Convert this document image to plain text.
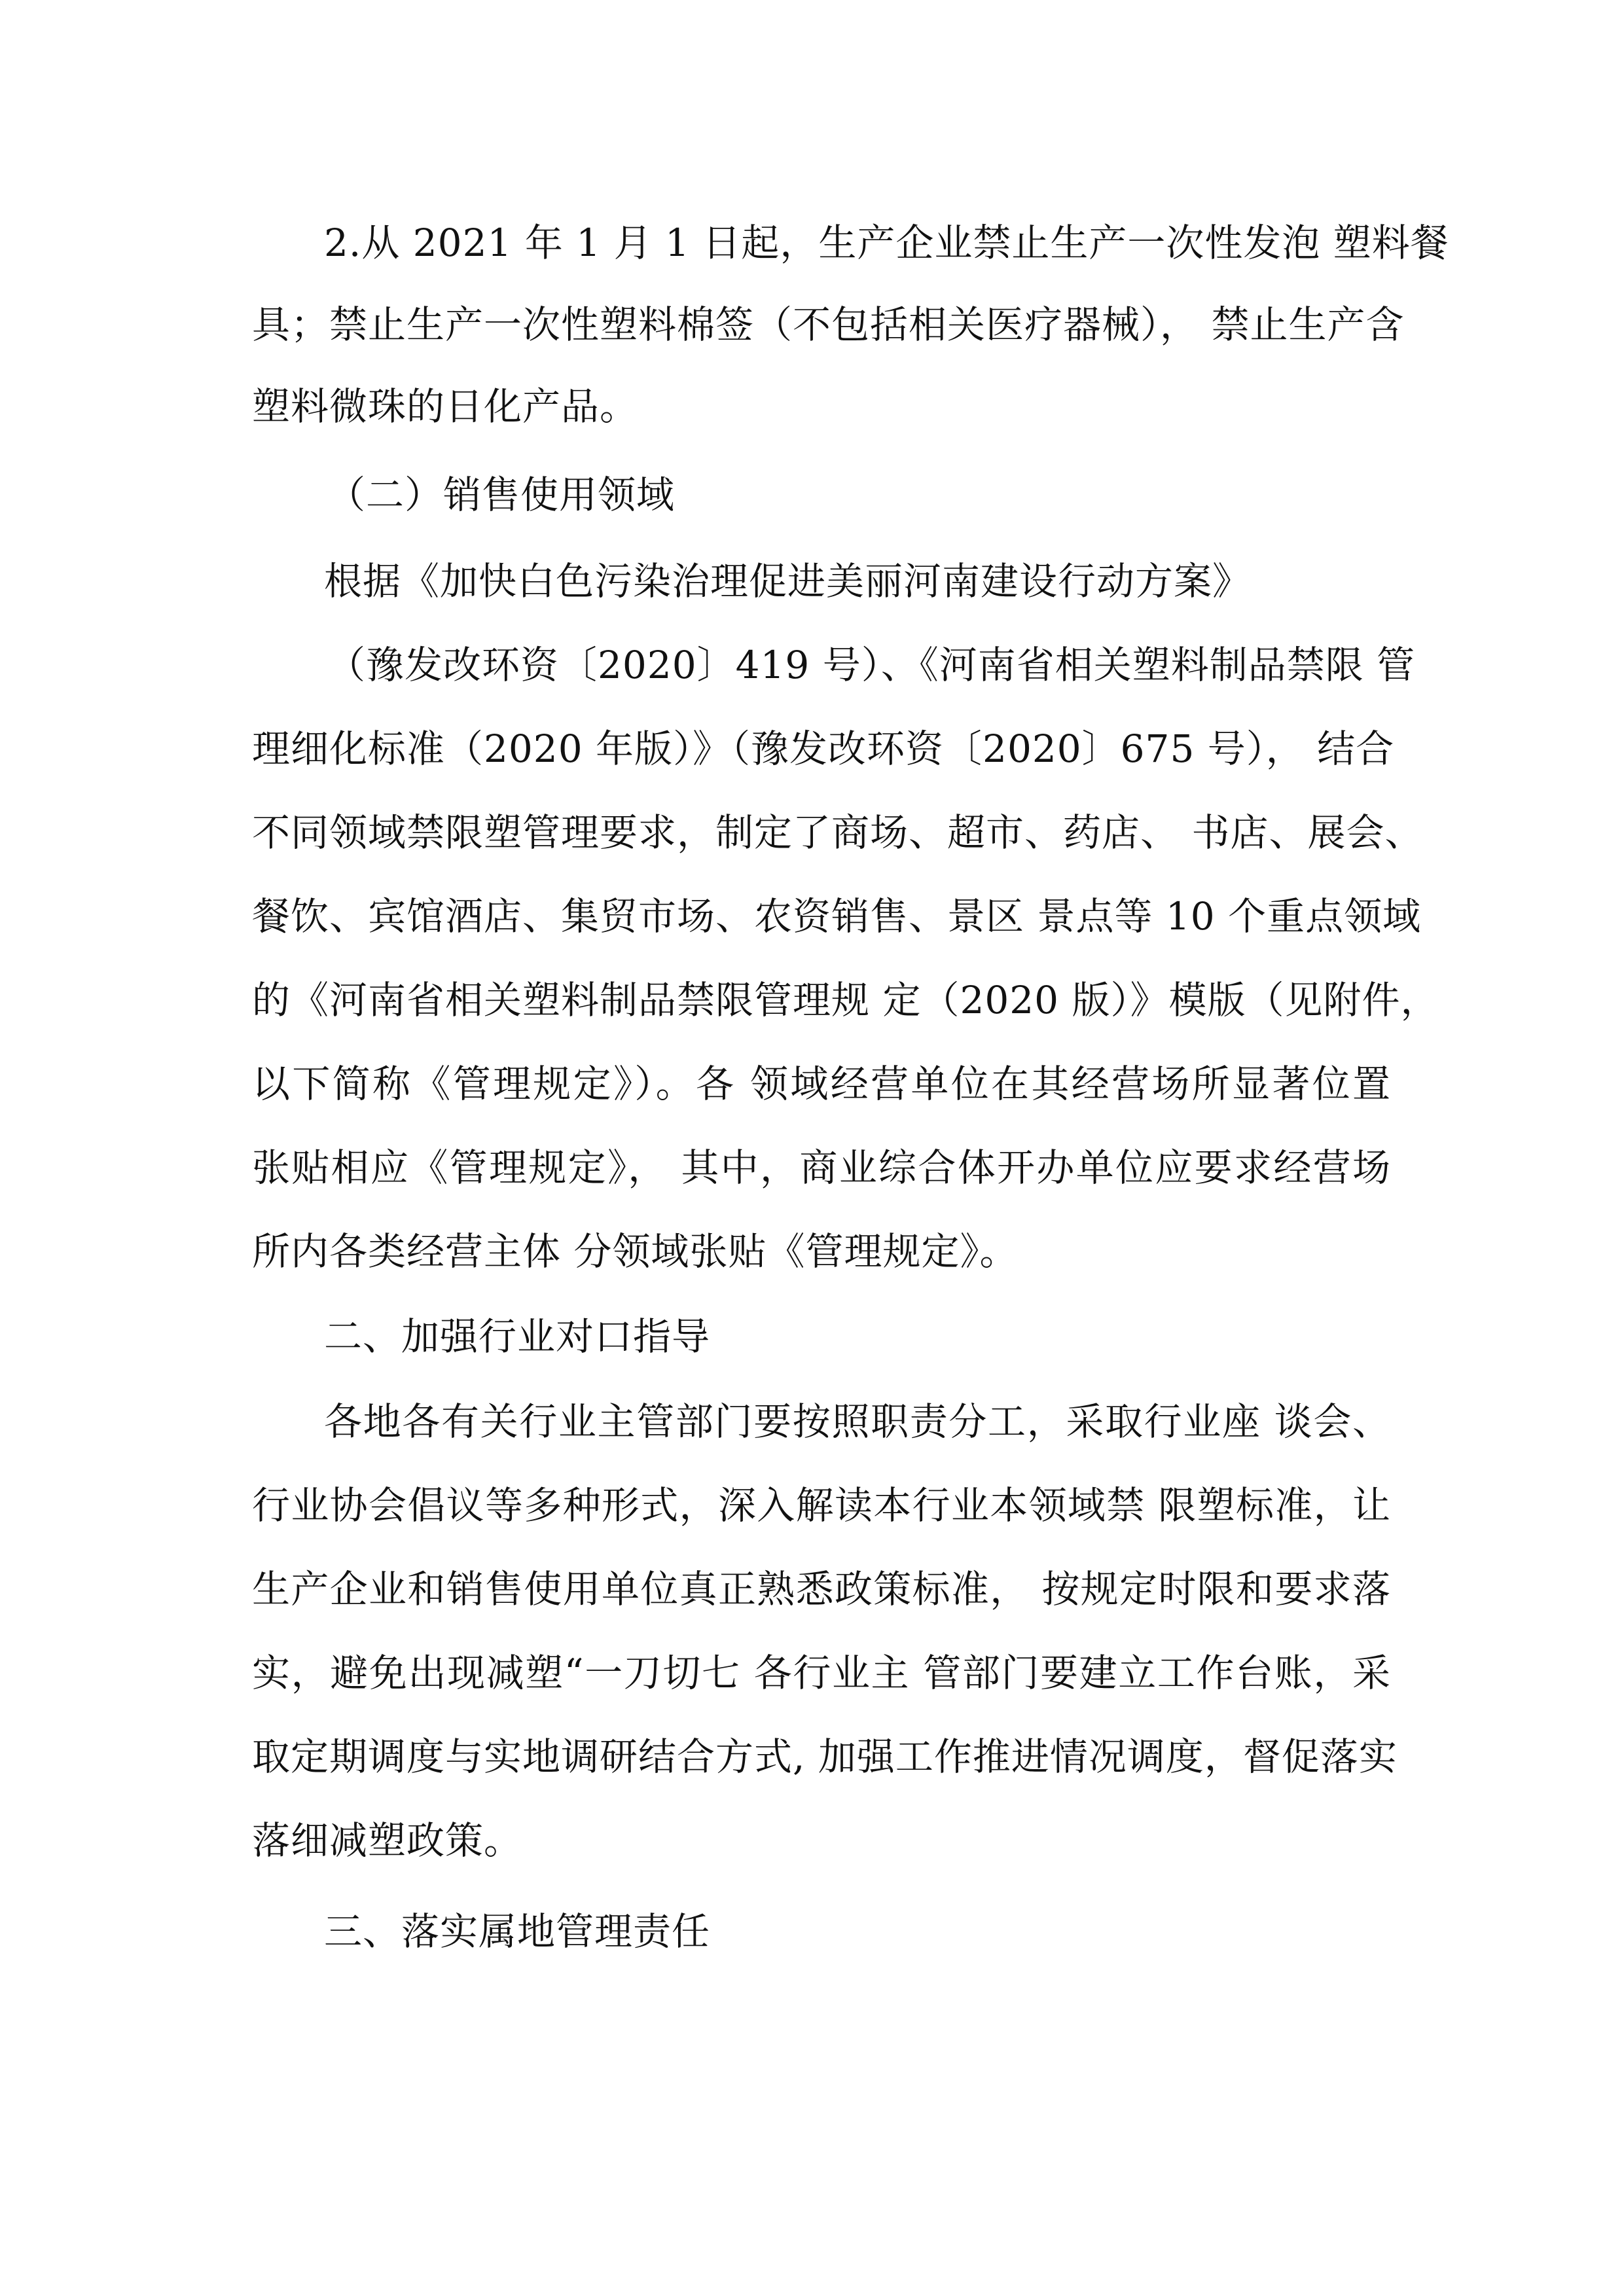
2.从 2021 年 1 月 1 日起，生产企业禁止生产一次性发泡 塑料餐
具；禁止生产一次性塑料棉签（不包括相关医疗器械）， 禁止生产含
塑料微珠的日化产品。
（二）销售使用领域
根据《加快白色污染治理促进美丽河南建设行动方案》
（豫发改环资〔2020〕419 号）、《河南省相关塑料制品禁限 管
理细化标准（2020 年版）》（豫发改环资〔2020〕675 号）， 结合
不同领域禁限塑管理要求，制定了商场、超市、药店、 书店、展会、
餐饮、宾馆酒店、集贸市场、农资销售、景区 景点等 10 个重点领域
的《河南省相关塑料制品禁限管理规 定（2020 版）》模版（见附件，
以下简称《管理规定》）。各 领域经营单位在其经营场所显著位置
张贴相应《管理规定》， 其中，商业综合体开办单位应要求经营场
所内各类经营主体 分领域张贴《管理规定》。
二、加强行业对口指导
各地各有关行业主管部门要按照职责分工，采取行业座 谈会、
行业协会倡议等多种形式，深入解读本行业本领域禁 限塑标准，让
生产企业和销售使用单位真正熟悉政策标准， 按规定时限和要求落
实，避免出现减塑“一刀切七 各行业主 管部门要建立工作台账，采
取定期调度与实地调研结合方式, 加强工作推进情况调度，督促落实
落细减塑政策。
三、落实属地管理责任
